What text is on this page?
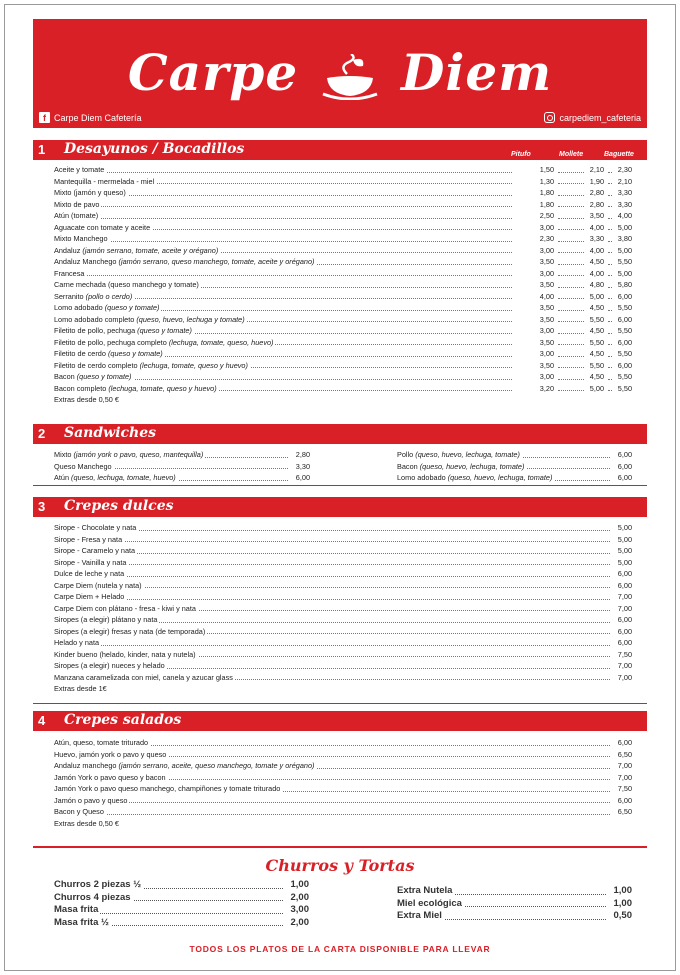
Carpe Diem
f Carpe Diem Cafetería	carpediem_cafeteria
1 Desayunos / Bocadillos	Pitufo	Mollete	Baguette
Aceite y tomate	1,50	2,10 2,30
Mantequilla - mermelada - miel	1,30	1,90 2,10
Mixto (jamón y queso)	1,80	2,80 3,30
Mixto de pavo	1,80	2,80 3,30
Atún (tomate)	2,50	3,50 4,00
Aguacate con tomate y aceite	3,00	4,00 5,00
Mixto Manchego	2,30	3,30 3,80
Andaluz (jamón serrano, tomate, aceite y orégano)	3,00	4,00 5,00
Andaluz Manchego (jamón serrano, queso manchego, tomate, aceite y orégano)	3,50	4,50 5,50
Francesa	3,00	4,00 5,00
Carne mechada (queso manchego y tomate)	3,50	4,80 5,80
Serranito (pollo o cerdo)	4,00	5,00 6,00
Lomo adobado (queso y tomate)	3,50	4,50 5,50
Lomo adobado completo (queso, huevo, lechuga y tomate)	3,50	5,50 6,00
Filetito de pollo, pechuga (queso y tomate)	3,00	4,50 5,50
Filetito de pollo, pechuga completo (lechuga, tomate, queso, huevo)	3,50	5,50 6,00
Filetito de cerdo (queso y tomate)	3,00	4,50 5,50
Filetito de cerdo completo (lechuga, tomate, queso y huevo)	3,50	5,50 6,00
Bacon (queso y tomate)	3,00	4,50 5,50
Bacon completo (lechuga, tomate, queso y huevo)	3,20	5,00 5,50
Extras desde 0,50 €
2 Sandwiches
Mixto (jamón york o pavo, queso, mantequilla)	2,80
Queso Manchego	3,30
Atún (queso, lechuga, tomate, huevo)	6,00
Pollo (queso, huevo, lechuga, tomate)	6,00
Bacon (queso, huevo, lechuga, tomate)	6,00
Lomo adobado (queso, huevo, lechuga, tomate)	6,00
3 Crepes dulces
Sirope - Chocolate y nata	5,00
Sirope - Fresa y nata	5,00
Sirope - Caramelo y nata	5,00
Sirope - Vainilla y nata	5,00
Dulce de leche y nata	6,00
Carpe Diem (nutela y nata)	6,00
Carpe Diem + Helado	7,00
Carpe Diem con plátano - fresa - kiwi y nata	7,00
Siropes (a elegir) plátano y nata	6,00
Siropes (a elegir) fresas y nata (de temporada)	6,00
Helado y nata	6,00
Kinder bueno (helado, kinder, nata y nutela)	7,50
Siropes (a elegir) nueces y helado	7,00
Manzana caramelizada con miel, canela y azucar glass	7,00
Extras desde 1€
4 Crepes salados
Atún, queso, tomate triturado	6,00
Huevo, jamón york o pavo y queso	6,50
Andaluz manchego (jamón serrano, aceite, queso manchego, tomate y orégano)	7,00
Jamón York o pavo queso y bacon	7,00
Jamón York o pavo queso manchego, champiñones y tomate triturado	7,50
Jamón o pavo y queso	6,00
Bacon y Queso	6,50
Extras desde 0,50 €
Churros y Tortas
Churros 2 piezas ½	1,00
Churros 4 piezas	2,00
Masa frita	3,00
Masa frita ½	2,00
Extra Nutela	1,00
Miel ecológica	1,00
Extra Miel	0,50
TODOS LOS PLATOS DE LA CARTA DISPONIBLE PARA LLEVAR
